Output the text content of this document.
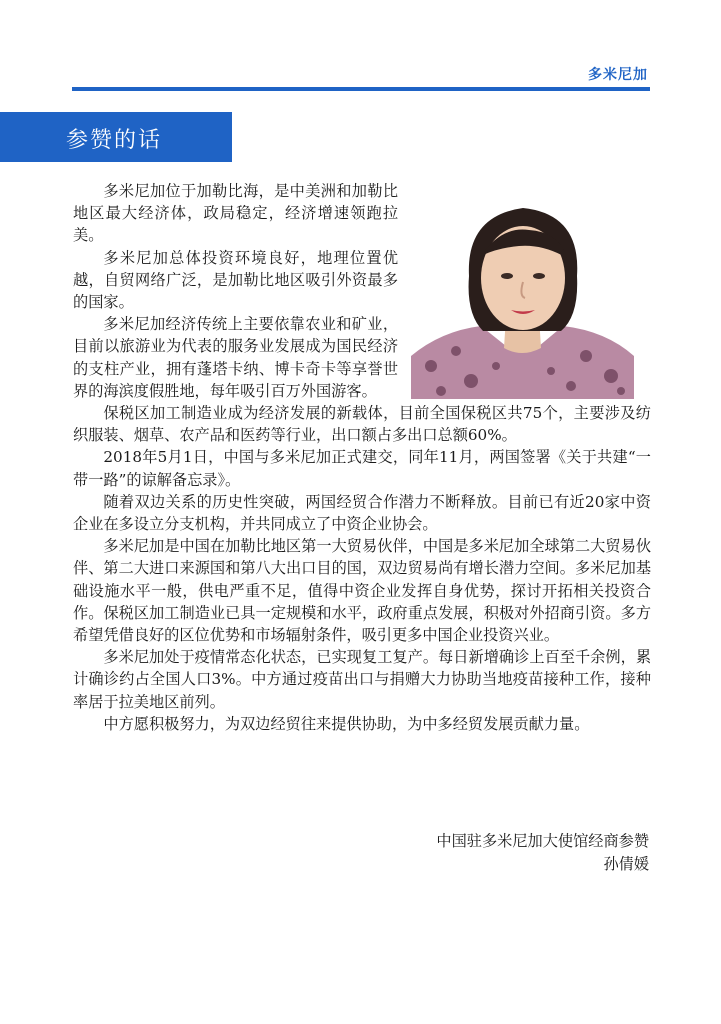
多米尼加
参赞的话

多米尼加位于加勒比海，是中美洲和加勒比地区最大经济体，政局稳定，经济增速领跑拉美。

多米尼加总体投资环境良好，地理位置优越，自贸网络广泛，是加勒比地区吸引外资最多的国家。

多米尼加经济传统上主要依靠农业和矿业，目前以旅游业为代表的服务业发展成为国民经济的支柱产业，拥有蓬塔卡纳、博卡奇卡等享誉世界的海滨度假胜地，每年吸引百万外国游客。

保税区加工制造业成为经济发展的新载体，目前全国保税区共75个，主要涉及纺织服装、烟草、农产品和医药等行业，出口额占多出口总额60%。

2018年5月1日，中国与多米尼加正式建交，同年11月，两国签署《关于共建“一带一路”的谅解备忘录》。

随着双边关系的历史性突破，两国经贸合作潜力不断释放。目前已有近20家中资企业在多设立分支机构，并共同成立了中资企业协会。

多米尼加是中国在加勒比地区第一大贸易伙伴，中国是多米尼加全球第二大贸易伙伴、第二大进口来源国和第八大出口目的国，双边贸易尚有增长潜力空间。多米尼加基础设施水平一般，供电严重不足，值得中资企业发挥自身优势，探讨开拓相关投资合作。保税区加工制造业已具一定规模和水平，政府重点发展，积极对外招商引资。多方希望凭借良好的区位优势和市场辐射条件，吸引更多中国企业投资兴业。

多米尼加处于疫情常态化状态，已实现复工复产。每日新增确诊上百至千余例，累计确诊约占全国人口3%。中方通过疫苗出口与捐赠大力协助当地疫苗接种工作，接种率居于拉美地区前列。

中方愿积极努力，为双边经贸往来提供协助，为中多经贸发展贡献力量。

中国驻多米尼加大使馆经商参赞
孙倩媛
